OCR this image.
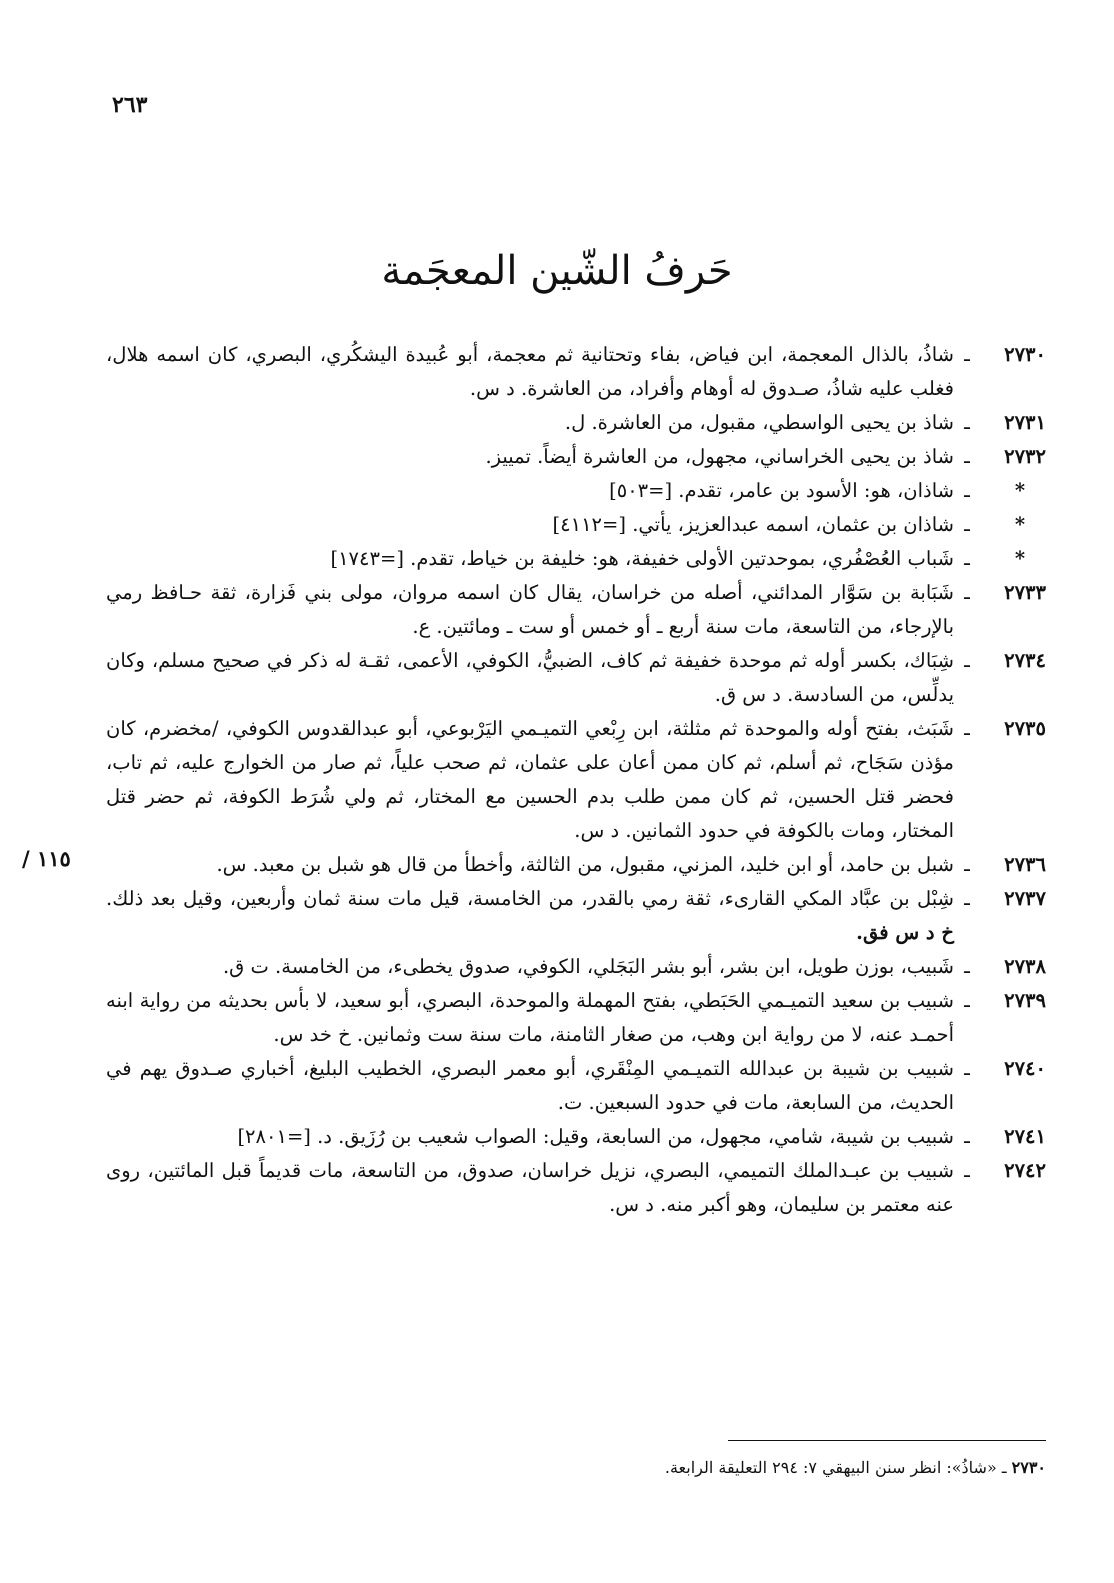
٢٦٣
حَرفُ الشّين المعجَمة
١١٥ /
٢٧٣٠
ـ
شاذُ، بالذال المعجمة، ابن فياض، بفاء وتحتانية ثم معجمة، أبو عُبيدة اليشكُري، البصري، كان اسمه هلال، فغلب عليه شاذُ، صـدوق له أوهام وأفراد، من العاشرة. د س.
٢٧٣١
ـ
شاذ بن يحيى الواسطي، مقبول، من العاشرة. ل.
٢٧٣٢
ـ
شاذ بن يحيى الخراساني، مجهول، من العاشرة أيضاً. تمييز.
*
ـ
شاذان، هو: الأسود بن عامر، تقدم. [=٥٠٣]
*
ـ
شاذان بن عثمان، اسمه عبدالعزيز، يأتي. [=٤١١٢]
*
ـ
شَباب العُصْفُري، بموحدتين الأولى خفيفة، هو: خليفة بن خياط، تقدم. [=١٧٤٣]
٢٧٣٣
ـ
شَبَابة بن سَوَّار المدائني، أصله من خراسان، يقال كان اسمه مروان، مولى بني فَزارة، ثقة حـافظ رمي بالإرجاء، من التاسعة، مات سنة أربع ـ أو خمس أو ست ـ ومائتين. ع.
٢٧٣٤
ـ
شِبَاك، بكسر أوله ثم موحدة خفيفة ثم كاف، الضبيُّ، الكوفي، الأعمى، ثقـة له ذكر في صحيح مسلم، وكان يدلِّس، من السادسة. د س ق.
٢٧٣٥
ـ
شَبَث، بفتح أوله والموحدة ثم مثلثة، ابن رِبْعي التميـمي اليَرْبوعي، أبو عبدالقدوس الكوفي، /مخضرم، كان مؤذن سَجَاح، ثم أسلم، ثم كان ممن أعان على عثمان، ثم صحب علياً، ثم صار من الخوارج عليه، ثم تاب، فحضر قتل الحسين، ثم كان ممن طلب بدم الحسين مع المختار، ثم ولي شُرَط الكوفة، ثم حضر قتل المختار، ومات بالكوفة في حدود الثمانين. د س.
٢٧٣٦
ـ
شبل بن حامد، أو ابن خليد، المزني، مقبول، من الثالثة، وأخطأ من قال هو شبل بن معبد. س.
٢٧٣٧
ـ
شِبْل بن عبَّاد المكي القارىء، ثقة رمي بالقدر، من الخامسة، قيل مات سنة ثمان وأربعين، وقيل بعد ذلك. خ د س فق.
٢٧٣٨
ـ
شَبيب، بوزن طويل، ابن بشر، أبو بشر البَجَلي، الكوفي، صدوق يخطىء، من الخامسة. ت ق.
٢٧٣٩
ـ
شبيب بن سعيد التميـمي الحَبَطي، بفتح المهملة والموحدة، البصري، أبو سعيد، لا بأس بحديثه من رواية ابنه أحمـد عنه، لا من رواية ابن وهب، من صغار الثامنة، مات سنة ست وثمانين. خ خد س.
٢٧٤٠
ـ
شبيب بن شيبة بن عبدالله التميـمي المِنْقَري، أبو معمر البصري، الخطيب البليغ، أخباري صـدوق يهم في الحديث، من السابعة، مات في حدود السبعين. ت.
٢٧٤١
ـ
شبيب بن شيبة، شامي، مجهول، من السابعة، وقيل: الصواب شعيب بن رُزَيق. د. [=٢٨٠١]
٢٧٤٢
ـ
شبيب بن عبـدالملك التميمي، البصري، نزيل خراسان، صدوق، من التاسعة، مات قديماً قبل المائتين، روى عنه معتمر بن سليمان، وهو أكبر منه. د س.
٢٧٣٠ ـ «شاذُ»: انظر سنن البيهقي ٧: ٢٩٤ التعليقة الرابعة.
